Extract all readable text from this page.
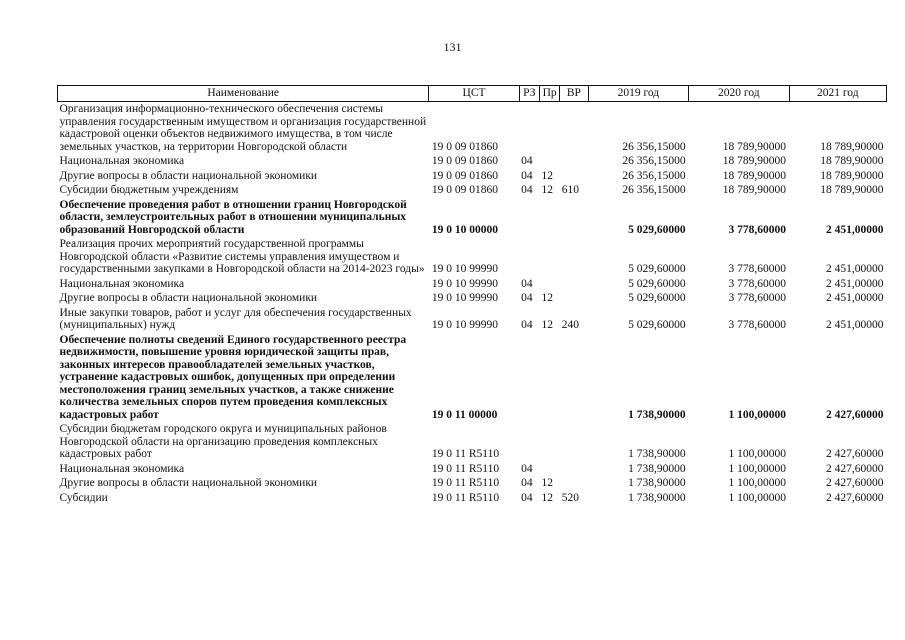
131
Наименование	ЦСТ	РЗ	Пр	ВР	2019 год	2020 год	2021 год
Организация информационно-технического обеспечения системы управления государственным имуществом и организация государственной кадастровой оценки объектов недвижимого имущества, в том числе земельных участков, на территории Новгородской области	19 0 09 01860				26 356,15000	18 789,90000	18 789,90000
Национальная экономика	19 0 09 01860	04			26 356,15000	18 789,90000	18 789,90000
Другие вопросы в области национальной экономики	19 0 09 01860	04	12		26 356,15000	18 789,90000	18 789,90000
Субсидии бюджетным учреждениям	19 0 09 01860	04	12	610	26 356,15000	18 789,90000	18 789,90000
Обеспечение проведения работ в отношении границ Новгородской области, землеустроительных работ в отношении муниципальных образований Новгородской области	19 0 10 00000				5 029,60000	3 778,60000	2 451,00000
Реализация прочих мероприятий государственной программы Новгородской области «Развитие системы управления имуществом и государственными закупками в Новгородской области на 2014-2023 годы»	19 0 10 99990				5 029,60000	3 778,60000	2 451,00000
Национальная экономика	19 0 10 99990	04			5 029,60000	3 778,60000	2 451,00000
Другие вопросы в области национальной экономики	19 0 10 99990	04	12		5 029,60000	3 778,60000	2 451,00000
Иные закупки товаров, работ и услуг для обеспечения государственных (муниципальных) нужд	19 0 10 99990	04	12	240	5 029,60000	3 778,60000	2 451,00000
Обеспечение полноты сведений Единого государственного реестра недвижимости, повышение уровня юридической защиты прав, законных интересов правообладателей земельных участков, устранение кадастровых ошибок, допущенных при определении местоположения границ земельных участков, а также снижение количества земельных споров путем проведения комплексных кадастровых работ	19 0 11 00000				1 738,90000	1 100,00000	2 427,60000
Субсидии бюджетам городского округа и муниципальных районов Новгородской области на организацию проведения комплексных кадастровых работ	19 0 11 R5110				1 738,90000	1 100,00000	2 427,60000
Национальная экономика	19 0 11 R5110	04			1 738,90000	1 100,00000	2 427,60000
Другие вопросы в области национальной экономики	19 0 11 R5110	04	12		1 738,90000	1 100,00000	2 427,60000
Субсидии	19 0 11 R5110	04	12	520	1 738,90000	1 100,00000	2 427,60000
